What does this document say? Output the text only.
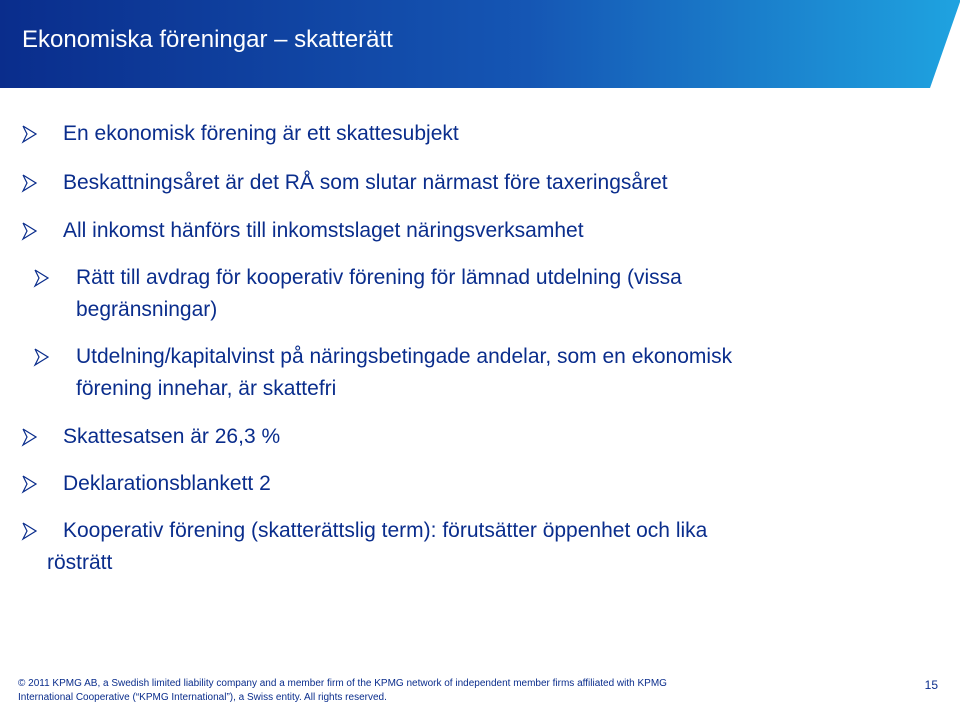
Ekonomiska föreningar – skatterätt
En ekonomisk förening är ett skattesubjekt
Beskattningsåret är det RÅ som slutar närmast före taxeringsåret
All inkomst hänförs till inkomstslaget näringsverksamhet
Rätt till avdrag för kooperativ förening för lämnad utdelning (vissa
begränsningar)
Utdelning/kapitalvinst på näringsbetingade andelar, som en ekonomisk
förening innehar, är skattefri
Skattesatsen är 26,3 %
Deklarationsblankett 2
Kooperativ förening (skatterättslig term): förutsätter öppenhet och lika
rösträtt
© 2011 KPMG AB, a Swedish limited liability company and a member firm of the KPMG network of independent member firms affiliated with KPMG
International Cooperative (“KPMG International”), a Swiss entity. All rights reserved.
15
